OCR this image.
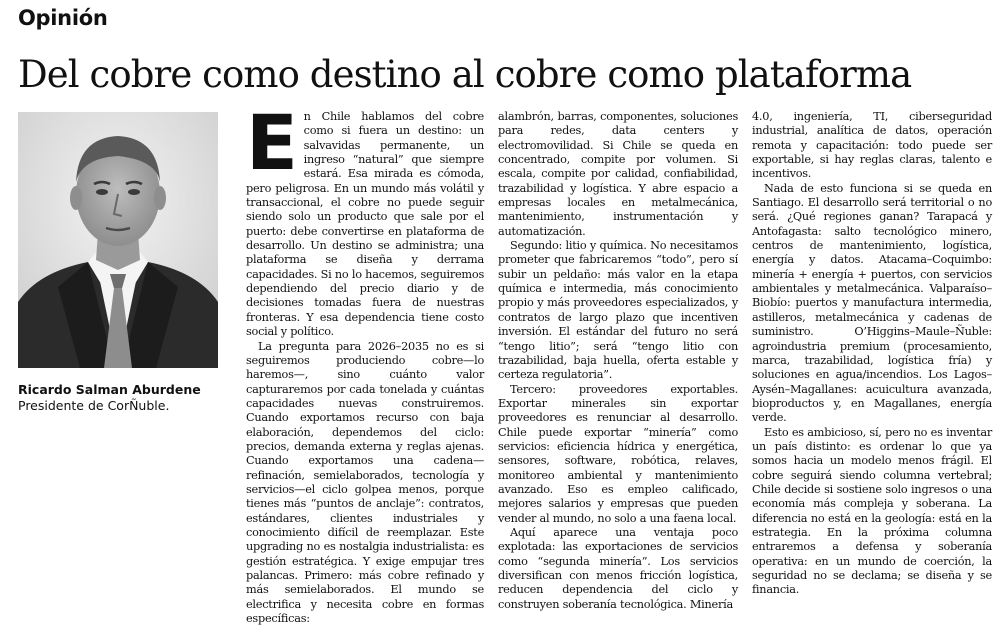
Opinión
Del cobre como destino al cobre como plataforma
Ricardo Salman Aburdene
Presidente de CorÑuble.
E n Chile hablamos del cobre como si fuera un destino: un salvavidas permanente, un ingreso “natural” que siempre estará. Esa mirada es cómoda, pero peligrosa. En un mundo más volátil y transaccional, el cobre no puede seguir siendo solo un producto que sale por el puerto: debe convertirse en plataforma de desarrollo. Un destino se administra; una plataforma se diseña y derrama capacidades. Si no lo hacemos, seguiremos dependiendo del precio diario y de decisiones tomadas fuera de nuestras fronteras. Y esa dependencia tiene costo social y político.

La pregunta para 2026–2035 no es si seguiremos produciendo cobre—lo haremos—, sino cuánto valor capturaremos por cada tonelada y cuántas capacidades nuevas construiremos. Cuando exportamos recurso con baja elaboración, dependemos del ciclo: precios, demanda externa y reglas ajenas. Cuando exportamos una cadena—refinación, semielaborados, tecnología y servicios—el ciclo golpea menos, porque tienes más “puntos de anclaje”: contratos, estándares, clientes industriales y conocimiento difícil de reemplazar. Este upgrading no es nostalgia industrialista: es gestión estratégica. Y exige empujar tres palancas. Primero: más cobre refinado y más semielaborados. El mundo se electrifica y necesita cobre en formas específicas:

alambrón, barras, componentes, soluciones para redes, data centers y electromovilidad. Si Chile se queda en concentrado, compite por volumen. Si escala, compite por calidad, confiabilidad, trazabilidad y logística. Y abre espacio a empresas locales en metalmecánica, mantenimiento, instrumentación y automatización.

Segundo: litio y química. No necesitamos prometer que fabricaremos “todo”, pero sí subir un peldaño: más valor en la etapa química e intermedia, más conocimiento propio y más proveedores especializados, y contratos de largo plazo que incentiven inversión. El estándar del futuro no será “tengo litio”; será “tengo litio con trazabilidad, baja huella, oferta estable y certeza regulatoria”.

Tercero: proveedores exportables. Exportar minerales sin exportar proveedores es renunciar al desarrollo. Chile puede exportar “minería” como servicios: eficiencia hídrica y energética, sensores, software, robótica, relaves, monitoreo ambiental y mantenimiento avanzado. Eso es empleo calificado, mejores salarios y empresas que pueden vender al mundo, no solo a una faena local.

Aquí aparece una ventaja poco explotada: las exportaciones de servicios como “segunda minería”. Los servicios diversifican con menos fricción logística, reducen dependencia del ciclo y construyen soberanía tecnológica. Minería

4.0, ingeniería, TI, ciberseguridad industrial, analítica de datos, operación remota y capacitación: todo puede ser exportable, si hay reglas claras, talento e incentivos.

Nada de esto funciona si se queda en Santiago. El desarrollo será territorial o no será. ¿Qué regiones ganan? Tarapacá y Antofagasta: salto tecnológico minero, centros de mantenimiento, logística, energía y datos. Atacama–Coquimbo: minería + energía + puertos, con servicios ambientales y metalmecánica. Valparaíso–Biobío: puertos y manufactura intermedia, astilleros, metalmecánica y cadenas de suministro. O’Higgins–Maule–Ñuble: agroindustria premium (procesamiento, marca, trazabilidad, logística fría) y soluciones en agua/incendios. Los Lagos–Aysén–Magallanes: acuicultura avanzada, bioproductos y, en Magallanes, energía verde.

Esto es ambicioso, sí, pero no es inventar un país distinto: es ordenar lo que ya somos hacia un modelo menos frágil. El cobre seguirá siendo columna vertebral; Chile decide si sostiene solo ingresos o una economía más compleja y soberana. La diferencia no está en la geología: está en la estrategia. En la próxima columna entraremos a defensa y soberanía operativa: en un mundo de coerción, la seguridad no se declama; se diseña y se financia.
